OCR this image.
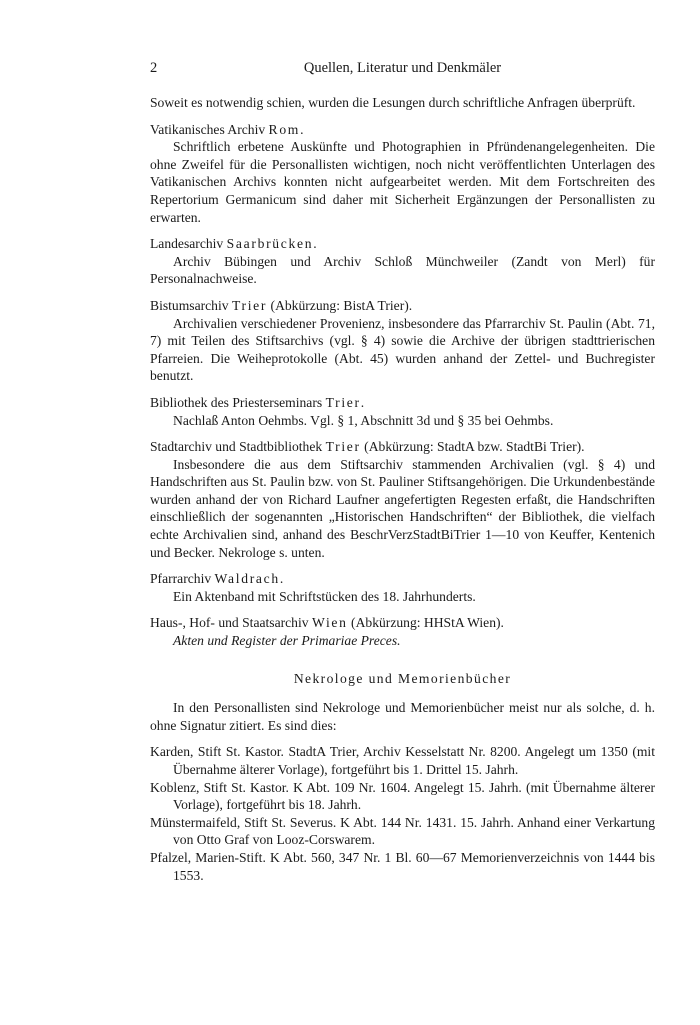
2	Quellen, Literatur und Denkmäler

Soweit es notwendig schien, wurden die Lesungen durch schriftliche Anfragen überprüft.

Vatikanisches Archiv Rom.

Schriftlich erbetene Auskünfte und Photographien in Pfründenangelegenheiten. Die ohne Zweifel für die Personallisten wichtigen, noch nicht veröffentlichten Unterlagen des Vatikanischen Archivs konnten nicht aufgearbeitet werden. Mit dem Fortschreiten des Repertorium Germanicum sind daher mit Sicherheit Ergänzungen der Personallisten zu erwarten.

Landesarchiv Saarbrücken.

Archiv Bübingen und Archiv Schloß Münchweiler (Zandt von Merl) für Personalnachweise.

Bistumsarchiv Trier (Abkürzung: BistA Trier).

Archivalien verschiedener Provenienz, insbesondere das Pfarrarchiv St. Paulin (Abt. 71, 7) mit Teilen des Stiftsarchivs (vgl. § 4) sowie die Archive der übrigen stadttrierischen Pfarreien. Die Weiheprotokolle (Abt. 45) wurden anhand der Zettel- und Buchregister benutzt.

Bibliothek des Priesterseminars Trier.

Nachlaß Anton Oehmbs. Vgl. § 1, Abschnitt 3d und § 35 bei Oehmbs.

Stadtarchiv und Stadtbibliothek Trier (Abkürzung: StadtA bzw. StadtBi Trier).

Insbesondere die aus dem Stiftsarchiv stammenden Archivalien (vgl. § 4) und Handschriften aus St. Paulin bzw. von St. Pauliner Stiftsangehörigen. Die Urkundenbestände wurden anhand der von Richard Laufner angefertigten Regesten erfaßt, die Handschriften einschließlich der sogenannten „Historischen Handschriften“ der Bibliothek, die vielfach echte Archivalien sind, anhand des BeschrVerzStadtBiTrier 1—10 von Keuffer, Kentenich und Becker. Nekrologe s. unten.

Pfarrarchiv Waldrach.

Ein Aktenband mit Schriftstücken des 18. Jahrhunderts.

Haus-, Hof- und Staatsarchiv Wien (Abkürzung: HHStA Wien).

Akten und Register der Primariae Preces.

Nekrologe und Memorienbücher

In den Personallisten sind Nekrologe und Memorienbücher meist nur als solche, d. h. ohne Signatur zitiert. Es sind dies:

Karden, Stift St. Kastor. StadtA Trier, Archiv Kesselstatt Nr. 8200. Angelegt um 1350 (mit Übernahme älterer Vorlage), fortgeführt bis 1. Drittel 15. Jahrh.

Koblenz, Stift St. Kastor. K Abt. 109 Nr. 1604. Angelegt 15. Jahrh. (mit Übernahme älterer Vorlage), fortgeführt bis 18. Jahrh.

Münstermaifeld, Stift St. Severus. K Abt. 144 Nr. 1431. 15. Jahrh. Anhand einer Verkartung von Otto Graf von Looz-Corswarem.

Pfalzel, Marien-Stift. K Abt. 560, 347 Nr. 1 Bl. 60—67 Memorienverzeichnis von 1444 bis 1553.
